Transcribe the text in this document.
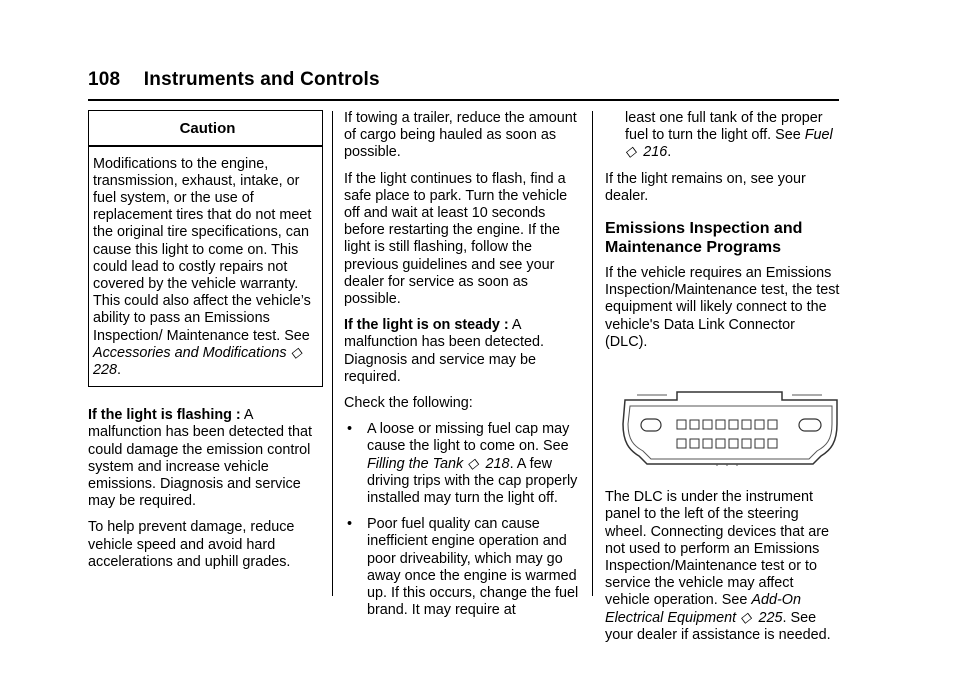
108 Instruments and Controls
Caution
Modifications to the engine, transmission, exhaust, intake, or fuel system, or the use of replacement tires that do not meet the original tire specifications, can cause this light to come on. This could lead to costly repairs not covered by the vehicle warranty. This could also affect the vehicle’s ability to pass an Emissions Inspection/ Maintenance test. See Accessories and Modifications ◇ 228.

If the light is flashing : A malfunction has been detected that could damage the emission control system and increase vehicle emissions. Diagnosis and service may be required.

To help prevent damage, reduce vehicle speed and avoid hard accelerations and uphill grades.

If towing a trailer, reduce the amount of cargo being hauled as soon as possible.

If the light continues to flash, find a safe place to park. Turn the vehicle off and wait at least 10 seconds before restarting the engine. If the light is still flashing, follow the previous guidelines and see your dealer for service as soon as possible.

If the light is on steady : A malfunction has been detected. Diagnosis and service may be required.

Check the following:

•	A loose or missing fuel cap may cause the light to come on. See Filling the Tank ◇ 218. A few driving trips with the cap properly installed may turn the light off.
•	Poor fuel quality can cause inefficient engine operation and poor driveability, which may go away once the engine is warmed up. If this occurs, change the fuel brand. It may require at

least one full tank of the proper fuel to turn the light off. See Fuel ◇ 216.

If the light remains on, see your dealer.

Emissions Inspection and Maintenance Programs

If the vehicle requires an Emissions Inspection/Maintenance test, the test equipment will likely connect to the vehicle's Data Link Connector (DLC).

The DLC is under the instrument panel to the left of the steering wheel. Connecting devices that are not used to perform an Emissions Inspection/Maintenance test or to service the vehicle may affect vehicle operation. See Add-On Electrical Equipment ◇ 225. See your dealer if assistance is needed.
